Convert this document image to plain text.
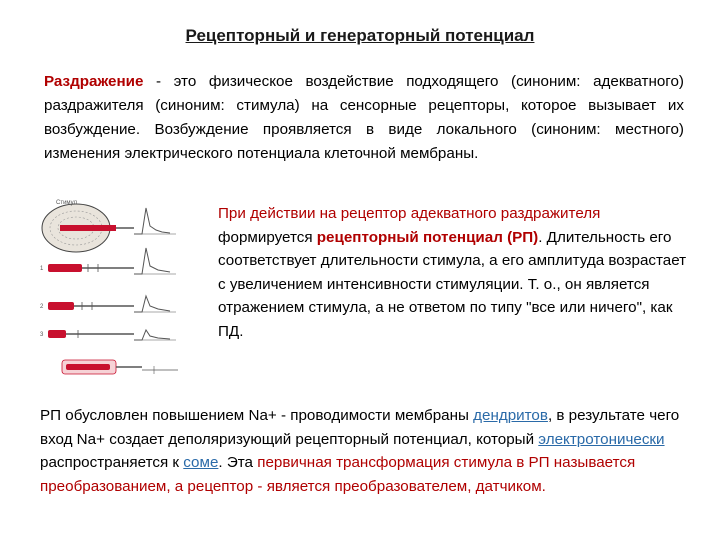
Рецепторный и генераторный потенциал
Раздражение - это физическое воздействие подходящего (синоним: адекватного) раздражителя (синоним: стимула) на сенсорные рецепторы, которое вызывает их возбуждение. Возбуждение проявляется в виде локального (синоним: местного) изменения электрического потенциала клеточной мембраны.
Стимул
1
2
3
При действии на рецептор адекватного раздражителя формируется рецепторный потенциал (РП). Длительность его соответствует длительности стимула, а его амплитуда возрастает с увеличением интенсивности стимуляции. Т. о., он является отражением стимула, а не ответом по типу "все или ничего", как ПД.
РП обусловлен повышением Na+ - проводимости мембраны дендритов, в результате чего вход Na+ создает деполяризующий рецепторный потенциал, который электротонически распространяется к соме. Эта первичная трансформация стимула в РП называется преобразованием, а рецептор - является преобразователем, датчиком.
